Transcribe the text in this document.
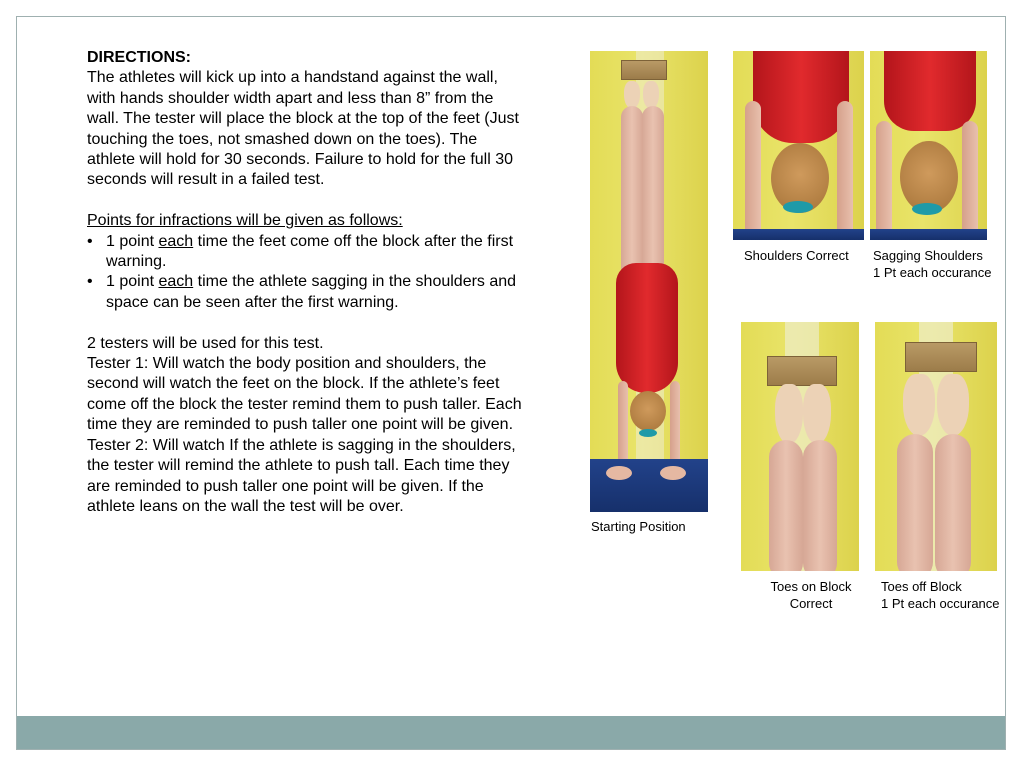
DIRECTIONS:

The athletes will kick up into a handstand against the wall, with hands shoulder width apart and less than 8” from the wall. The tester will place the block at the top of the feet (Just touching the toes, not smashed down on the toes). The athlete will hold for 30 seconds. Failure to hold for the full 30 seconds will result in a failed test.

Points for infractions will be given as follows:

• 1 point each time the feet come off the block after the first warning.
• 1 point each time the athlete sagging in the shoulders and space can be seen after the first warning.

2 testers will be used for this test.

Tester 1: Will watch the body position and shoulders, the second will watch the feet on the block. If the athlete’s feet come off the block the tester remind them to push taller. Each time they are reminded to push taller one point will be given.

Tester 2: Will watch If the athlete is sagging in the shoulders, the tester will remind the athlete to push tall. Each time they are reminded to push taller one point will be given. If the athlete leans on the wall the test will be over.

Starting Position
Shoulders Correct Sagging Shoulders
1 Pt each occurance
Toes on Block
Correct
Toes off Block
1 Pt each occurance
